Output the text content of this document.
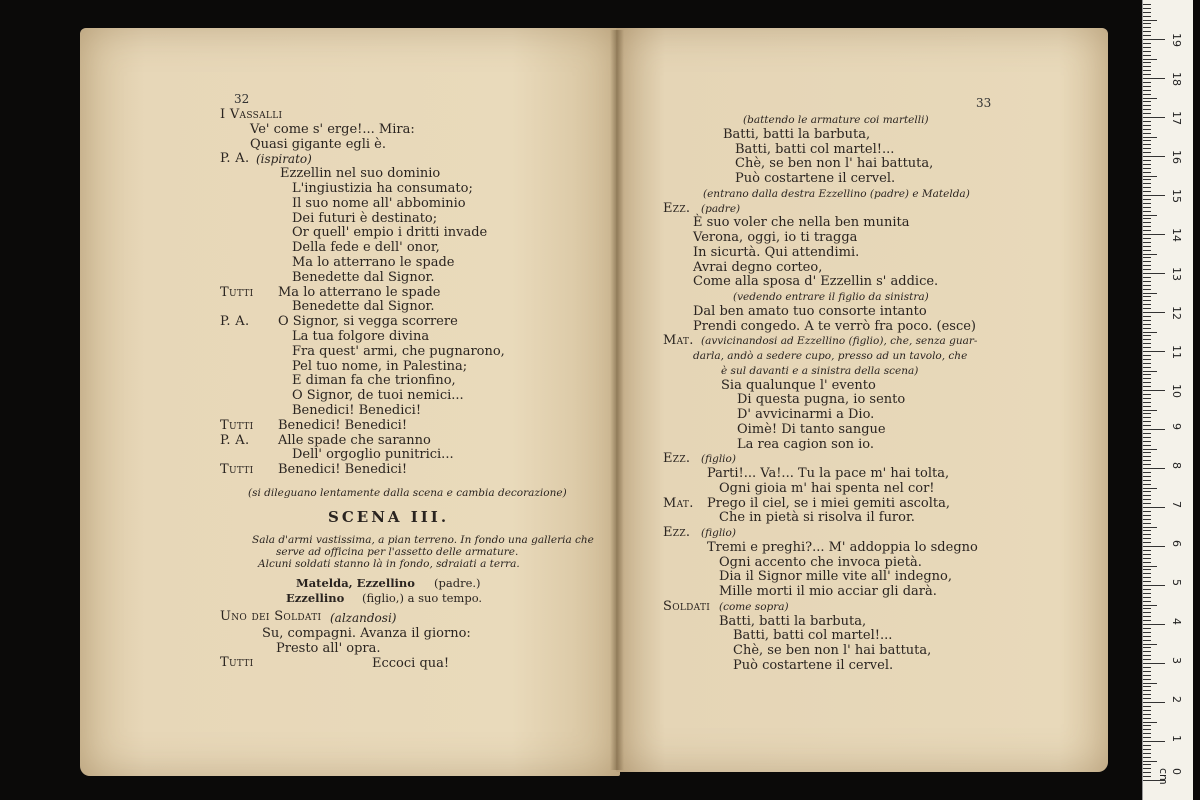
32	33
I Vassalli
Ve' come s' erge!... Mira:
Quasi gigante egli è.
P. A. (ispirato)
Ezzellin nel suo dominio
L'ingiustizia ha consumato;
Il suo nome all' abbominio
Dei futuri è destinato;
Or quell' empio i dritti invade
Della fede e dell' onor,
Ma lo atterrano le spade
Benedette dal Signor.
Tutti Ma lo atterrano le spade
Benedette dal Signor.
P. A. O Signor, si vegga scorrere
La tua folgore divina
Fra quest' armi, che pugnarono,
Pel tuo nome, in Palestina;
E diman fa che trionfino,
O Signor, de tuoi nemici...
Benedici! Benedici!
Tutti Benedici! Benedici!
P. A. Alle spade che saranno
Dell' orgoglio punitrici...
Tutti Benedici! Benedici!
(si dileguano lentamente dalla scena e cambia decorazione)
SCENA III.
Sala d'armi vastissima, a pian terreno. In fondo una galleria che
serve ad officina per l'assetto delle armature.
Alcuni soldati stanno là in fondo, sdraiati a terra.
Matelda, Ezzellino (padre.)
Ezzellino (figlio,) a suo tempo.
Uno dei Soldati (alzandosi)
Su, compagni. Avanza il giorno:
Presto all' opra.
Tutti	Eccoci qua!
(battendo le armature coi martelli)
Batti, batti la barbuta,
Batti, batti col martel!...
Chè, se ben non l' hai battuta,
Può costartene il cervel.
(entrano dalla destra Ezzellino (padre) e Matelda)
Ezz. (padre)
È suo voler che nella ben munita
Verona, oggi, io ti tragga
In sicurtà. Qui attendimi.
Avrai degno corteo,
Come alla sposa d' Ezzellin s' addice.
(vedendo entrare il figlio da sinistra)
Dal ben amato tuo consorte intanto
Prendi congedo. A te verrò fra poco. (esce)
Mat. (avvicinandosi ad Ezzellino (figlio), che, senza guar-
darla, andò a sedere cupo, presso ad un tavolo, che
è sul davanti e a sinistra della scena)
Sia qualunque l' evento
Di questa pugna, io sento
D' avvicinarmi a Dio.
Oimè! Di tanto sangue
La rea cagion son io.
Ezz. (figlio)
Parti!... Va!... Tu la pace m' hai tolta,
Ogni gioia m' hai spenta nel cor!
Mat. Prego il ciel, se i miei gemiti ascolta,
Che in pietà si risolva il furor.
Ezz. (figlio)
Tremi e preghi?... M' addoppia lo sdegno
Ogni accento che invoca pietà.
Dia il Signor mille vite all' indegno,
Mille morti il mio acciar gli darà.
Soldati (come sopra)
Batti, batti la barbuta,
Batti, batti col martel!...
Chè, se ben non l' hai battuta,
Può costartene il cervel.
0 cm
1
2
3
4
5
6
7
8
9
10
11
12
13
14
15
16
17
18
19
